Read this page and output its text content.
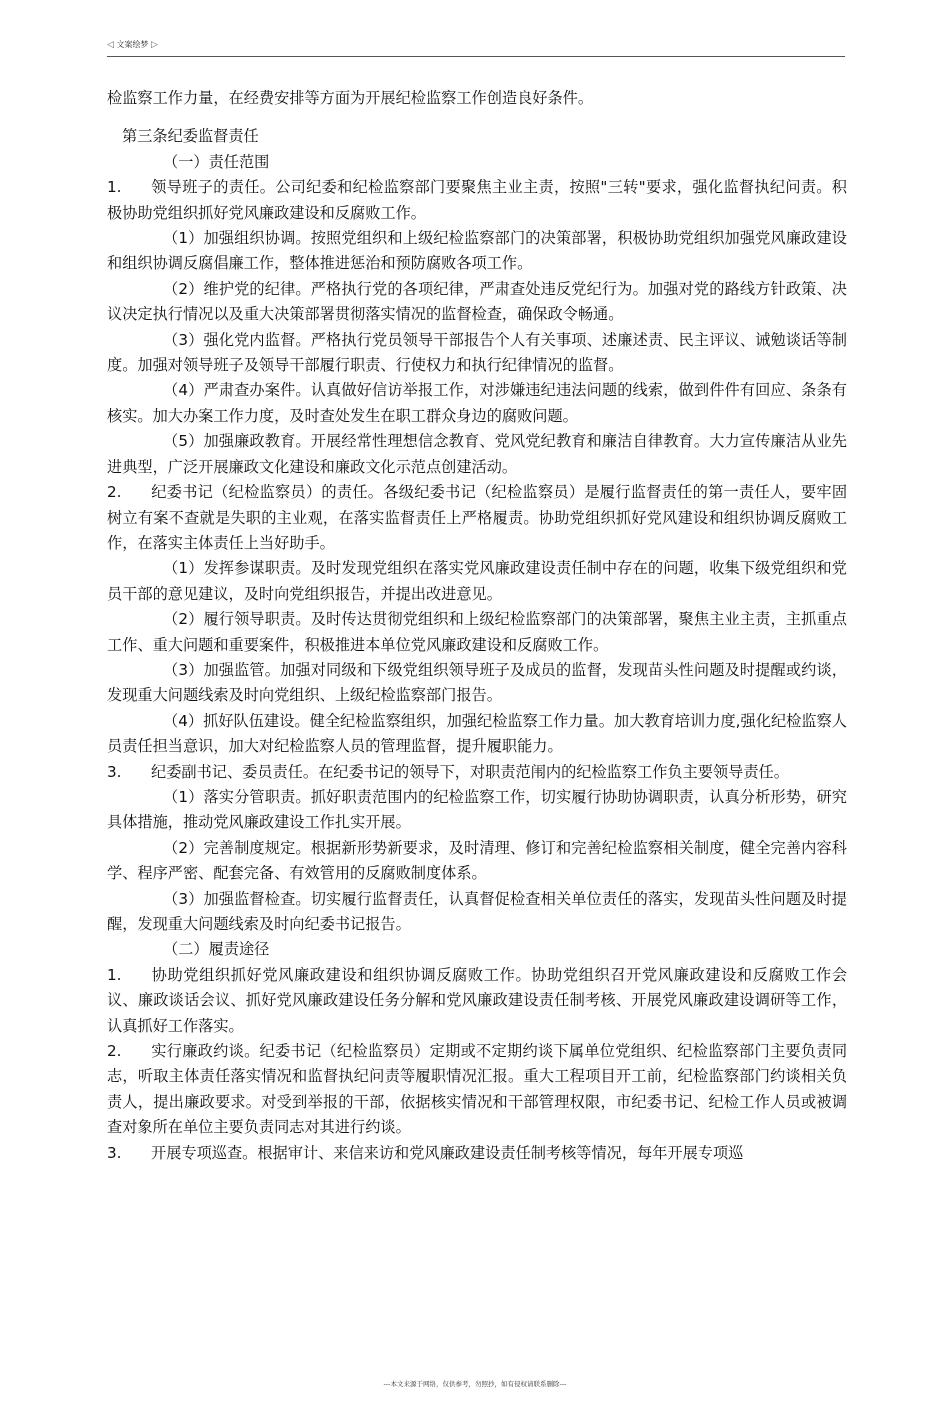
◁ 文案绘梦 ▷

检监察工作力量，在经费安排等方面为开展纪检监察工作创造良好条件。

第三条纪委监督责任

（一）责任范围

1. 领导班子的责任。公司纪委和纪检监察部门要聚焦主业主责，按照"三转"要求，强化监督执纪问责。积极协助党组织抓好党风廉政建设和反腐败工作。

（1）加强组织协调。按照党组织和上级纪检监察部门的决策部署，积极协助党组织加强党风廉政建设和组织协调反腐倡廉工作，整体推进惩治和预防腐败各项工作。

（2）维护党的纪律。严格执行党的各项纪律，严肃查处违反党纪行为。加强对党的路线方针政策、决议决定执行情况以及重大决策部署贯彻落实情况的监督检查，确保政令畅通。

（3）强化党内监督。严格执行党员领导干部报告个人有关事项、述廉述责、民主评议、诫勉谈话等制度。加强对领导班子及领导干部履行职责、行使权力和执行纪律情况的监督。

（4）严肃查办案件。认真做好信访举报工作，对涉嫌违纪违法问题的线索，做到件件有回应、条条有核实。加大办案工作力度，及时查处发生在职工群众身边的腐败问题。

（5）加强廉政教育。开展经常性理想信念教育、党风党纪教育和廉洁自律教育。大力宣传廉洁从业先进典型，广泛开展廉政文化建设和廉政文化示范点创建活动。

2. 纪委书记（纪检监察员）的责任。各级纪委书记（纪检监察员）是履行监督责任的第一责任人，要牢固树立有案不查就是失职的主业观，在落实监督责任上严格履责。协助党组织抓好党风建设和组织协调反腐败工作，在落实主体责任上当好助手。

（1）发挥参谋职责。及时发现党组织在落实党风廉政建设责任制中存在的问题，收集下级党组织和党员干部的意见建议，及时向党组织报告，并提出改进意见。

（2）履行领导职责。及时传达贯彻党组织和上级纪检监察部门的决策部署，聚焦主业主责，主抓重点工作、重大问题和重要案件，积极推进本单位党风廉政建设和反腐败工作。

（3）加强监管。加强对同级和下级党组织领导班子及成员的监督，发现苗头性问题及时提醒或约谈，发现重大问题线索及时向党组织、上级纪检监察部门报告。

（4）抓好队伍建设。健全纪检监察组织，加强纪检监察工作力量。加大教育培训力度,强化纪检监察人员责任担当意识，加大对纪检监察人员的管理监督，提升履职能力。

3. 纪委副书记、委员责任。在纪委书记的领导下，对职责范闱内的纪检监察工作负主要领导责任。

（1）落实分管职责。抓好职责范围内的纪检监察工作，切实履行协助协调职责，认真分析形势，研究具体措施，推动党风廉政建设工作扎实开展。

（2）完善制度规定。根据新形势新要求，及时清理、修订和完善纪检监察相关制度，健全完善内容科学、程序严密、配套完备、有效管用的反腐败制度体系。

（3）加强监督检查。切实履行监督责任，认真督促检查相关单位责任的落实，发现苗头性问题及时提醒，发现重大问题线索及时向纪委书记报告。

（二）履责途径

1. 协助党组织抓好党风廉政建设和组织协调反腐败工作。协助党组织召开党风廉政建设和反腐败工作会议、廉政谈话会议、抓好党风廉政建设任务分解和党风廉政建设责任制考核、开展党风廉政建设调研等工作，认真抓好工作落实。

2. 实行廉政约谈。纪委书记（纪检监察员）定期或不定期约谈下属单位党组织、纪检监察部门主要负责同志，听取主体责任落实情况和监督执纪问责等履职情况汇报。重大工程项目开工前，纪检监察部门约谈相关负责人，提出廉政要求。对受到举报的干部，依据核实情况和干部管理权限，市纪委书记、纪检工作人员或被调查对象所在单位主要负责同志对其进行约谈。

3. 开展专项巡查。根据审计、来信来访和党风廉政建设责任制考核等情况，每年开展专项巡

---本文来源于网络，仅供参考，勿照抄，如有侵权请联系删除---
